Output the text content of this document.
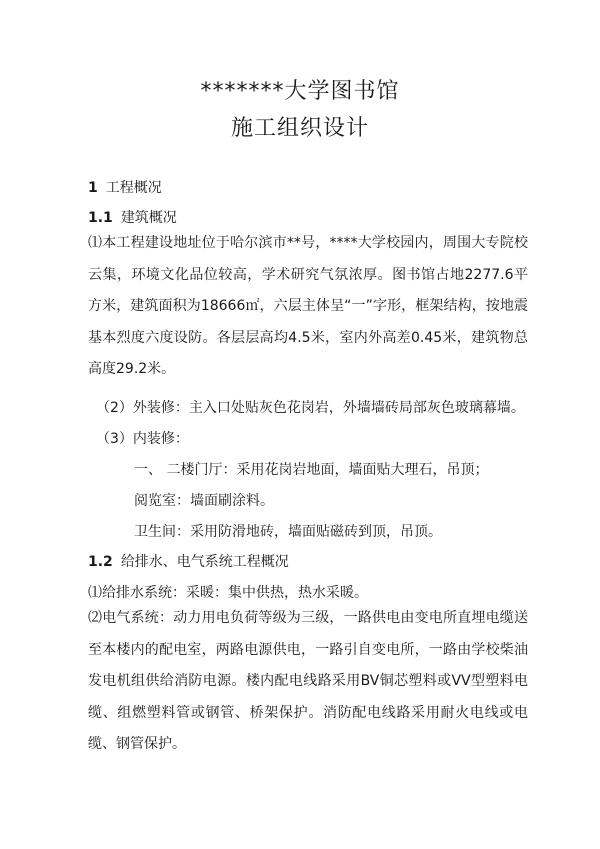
*******大学图书馆
施工组织设计
1 工程概况
1.1 建筑概况
⑴本工程建设地址位于哈尔滨市**号，****大学校园内，周围大专院校云集，环境文化品位较高，学术研究气氛浓厚。图书馆占地2277.6平方米，建筑面积为18666㎡，六层主体呈“一”字形，框架结构，按地震基本烈度六度设防。各层层高均4.5米，室内外高差0.45米，建筑物总高度29.2米。
（2）外装修：主入口处贴灰色花岗岩，外墙墙砖局部灰色玻璃幕墙。
（3）内装修：
一、 二楼门厅：采用花岗岩地面，墙面贴大理石，吊顶；
阅览室：墙面刷涂料。
卫生间：采用防滑地砖，墙面贴磁砖到顶，吊顶。
1.2 给排水、电气系统工程概况
⑴给排水系统：采暖：集中供热，热水采暖。
⑵电气系统：动力用电负荷等级为三级，一路供电由变电所直埋电缆送至本楼内的配电室，两路电源供电，一路引自变电所，一路由学校柴油发电机组供给消防电源。楼内配电线路采用BV铜芯塑料或VV型塑料电缆、组燃塑料管或钢管、桥架保护。消防配电线路采用耐火电线或电缆、钢管保护。
